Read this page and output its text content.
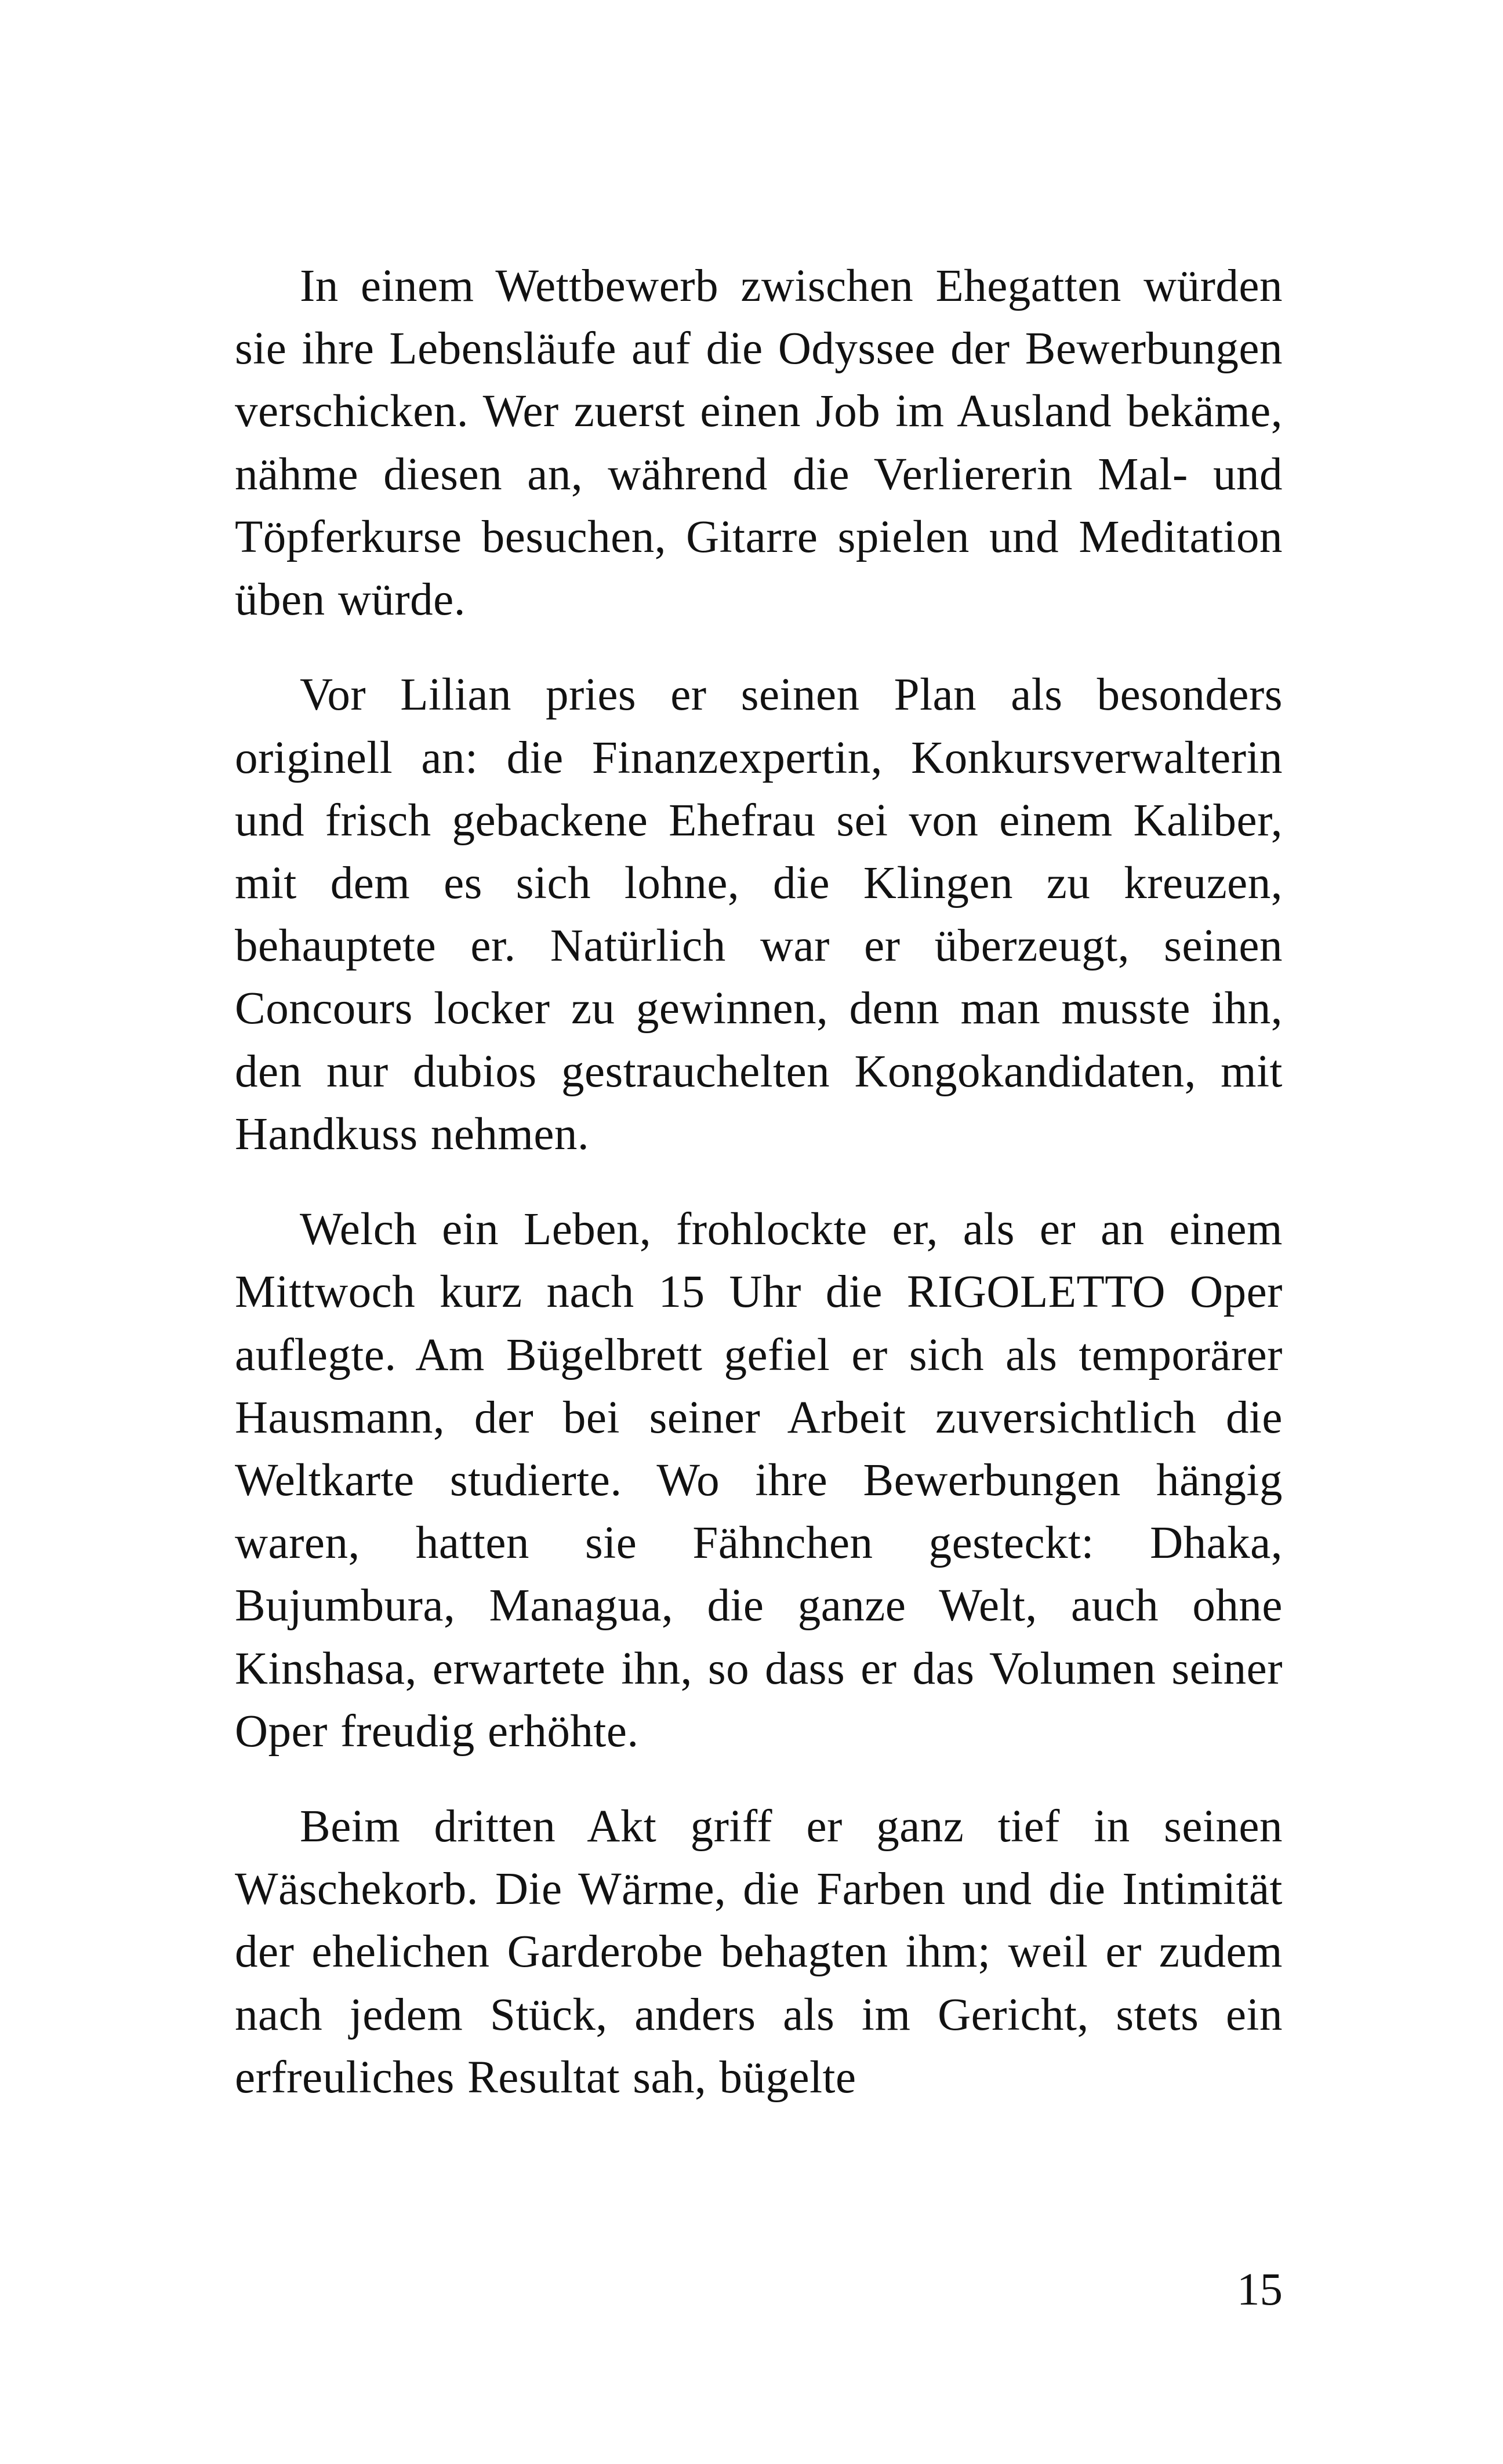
In einem Wettbewerb zwischen Ehegatten würden sie ihre Lebensläufe auf die Odyssee der Bewerbungen verschicken. Wer zuerst einen Job im Ausland bekäme, nähme diesen an, während die Verliererin Mal- und Töpferkurse besuchen, Gitarre spielen und Meditation üben würde.

Vor Lilian pries er seinen Plan als besonders originell an: die Finanzexpertin, Konkursverwalterin und frisch gebackene Ehefrau sei von einem Kaliber, mit dem es sich lohne, die Klingen zu kreuzen, behauptete er. Natürlich war er überzeugt, seinen Concours locker zu gewinnen, denn man musste ihn, den nur dubios gestrauchelten Kongokandidaten, mit Handkuss nehmen.

Welch ein Leben, frohlockte er, als er an einem Mittwoch kurz nach 15 Uhr die RIGOLETTO Oper auflegte. Am Bügelbrett gefiel er sich als temporärer Hausmann, der bei seiner Arbeit zuversichtlich die Weltkarte studierte. Wo ihre Bewerbungen hängig waren, hatten sie Fähnchen gesteckt: Dhaka, Bujumbura, Managua, die ganze Welt, auch ohne Kinshasa, erwartete ihn, so dass er das Volumen seiner Oper freudig erhöhte.

Beim dritten Akt griff er ganz tief in seinen Wäschekorb. Die Wärme, die Farben und die Intimität der ehelichen Garderobe behagten ihm; weil er zudem nach jedem Stück, anders als im Gericht, stets ein erfreuliches Resultat sah, bügelte

15
